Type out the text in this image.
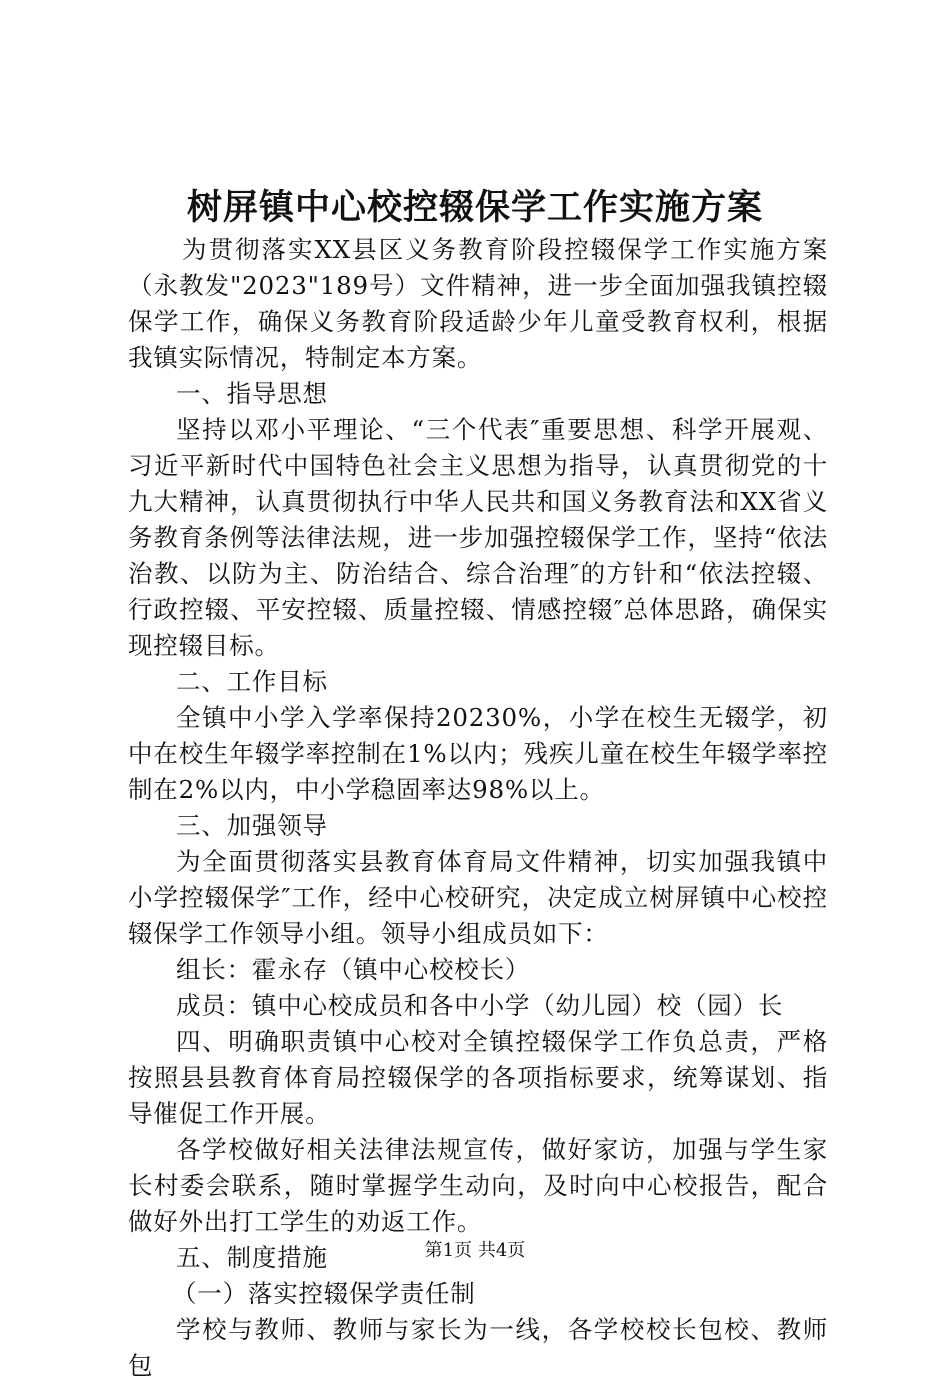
树屏镇中心校控辍保学工作实施方案

为贯彻落实XX县区义务教育阶段控辍保学工作实施方案（永教发"2023"189号）文件精神，进一步全面加强我镇控辍保学工作，确保义务教育阶段适龄少年儿童受教育权利，根据我镇实际情况，特制定本方案。

一、指导思想

坚持以邓小平理论、“三个代表″重要思想、科学开展观、习近平新时代中国特色社会主义思想为指导，认真贯彻党的十九大精神，认真贯彻执行中华人民共和国义务教育法和XX省义务教育条例等法律法规，进一步加强控辍保学工作，坚持“依法治教、以防为主、防治结合、综合治理″的方针和“依法控辍、行政控辍、平安控辍、质量控辍、情感控辍″总体思路，确保实现控辍目标。

二、工作目标

全镇中小学入学率保持20230%，小学在校生无辍学，初中在校生年辍学率控制在1%以内；残疾儿童在校生年辍学率控制在2%以内，中小学稳固率达98%以上。

三、加强领导

为全面贯彻落实县教育体育局文件精神，切实加强我镇中小学控辍保学″工作，经中心校研究，决定成立树屏镇中心校控辍保学工作领导小组。领导小组成员如下：

组长：霍永存（镇中心校校长）

成员：镇中心校成员和各中小学（幼儿园）校（园）长

四、明确职责镇中心校对全镇控辍保学工作负总责，严格按照县县教育体育局控辍保学的各项指标要求，统筹谋划、指导催促工作开展。

各学校做好相关法律法规宣传，做好家访，加强与学生家长村委会联系，随时掌握学生动向，及时向中心校报告，配合做好外出打工学生的劝返工作。

五、制度措施

（一）落实控辍保学责任制

学校与教师、教师与家长为一线，各学校校长包校、教师包

第1页 共4页
